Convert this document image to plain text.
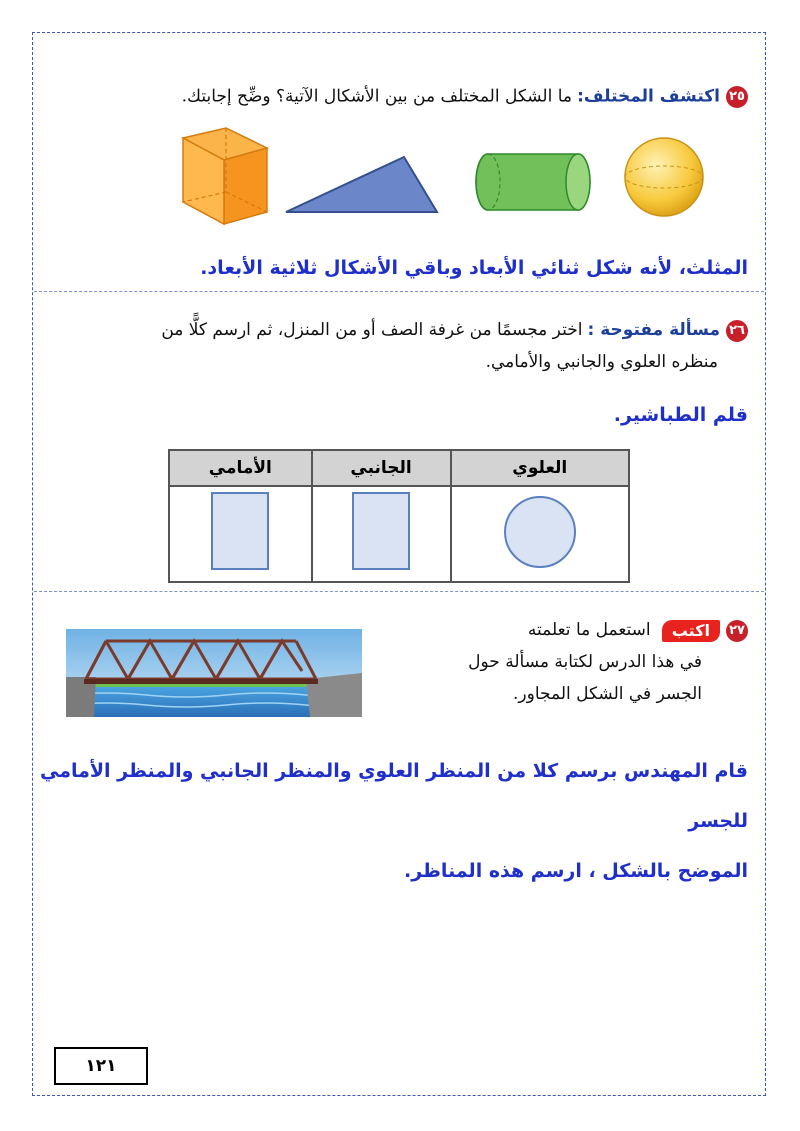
٢٥اكتشف المختلف: ما الشكل المختلف من بين الأشكال الآتية؟ وضِّح إجابتك.
المثلث، لأنه شكل ثنائي الأبعاد وباقي الأشكال ثلاثية الأبعاد.
٢٦مسألة مفتوحة : اختر مجسمًا من غرفة الصف أو من المنزل، ثم ارسم كلًّا من
منظره العلوي والجانبي والأمامي.
قلم الطباشير.
العلوي	الجانبي	الأمامي

٢٧اكتب استعمل ما تعلمته
في هذا الدرس لكتابة مسألة حول
الجسر في الشكل المجاور.
قام المهندس برسم كلا من المنظر العلوي والمنظر الجانبي والمنظر الأمامي للجسر
الموضح بالشكل ، ارسم هذه المناظر.
١٢١
